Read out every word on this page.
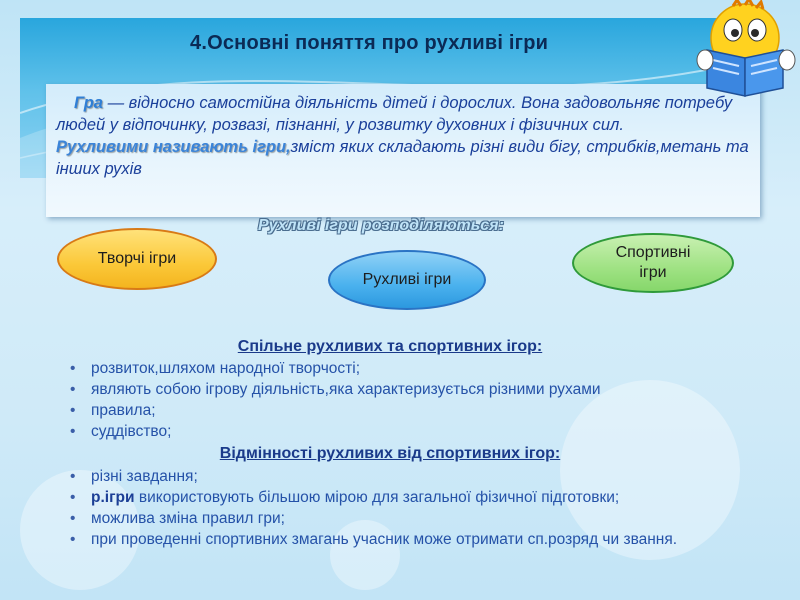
4.Основні поняття про рухливі ігри
Гра — відносно самостійна діяльність дітей і дорослих. Вона задовольняє потребу людей у відпочинку, розвазі, пізнанні, у розвитку духовних і фізичних сил.
Рухливими називають ігри,зміст яких складають різні види бігу, стрибків,метань та інших рухів
Рухливі ігри розподіляються:
Творчі ігри
Рухливі ігри
Спортивні ігри
Спільне рухливих та спортивних ігор:
• розвиток,шляхом народної творчості;
• являють собою ігрову діяльність,яка характеризується різними рухами
• правила;
• суддівство;
Відмінності рухливих від спортивних ігор:
• різні завдання;
• р.ігри використовують більшою мірою для загальної фізичної підготовки;
• можлива зміна правил гри;
• при проведенні спортивних змагань учасник може отримати сп.розряд чи звання.
